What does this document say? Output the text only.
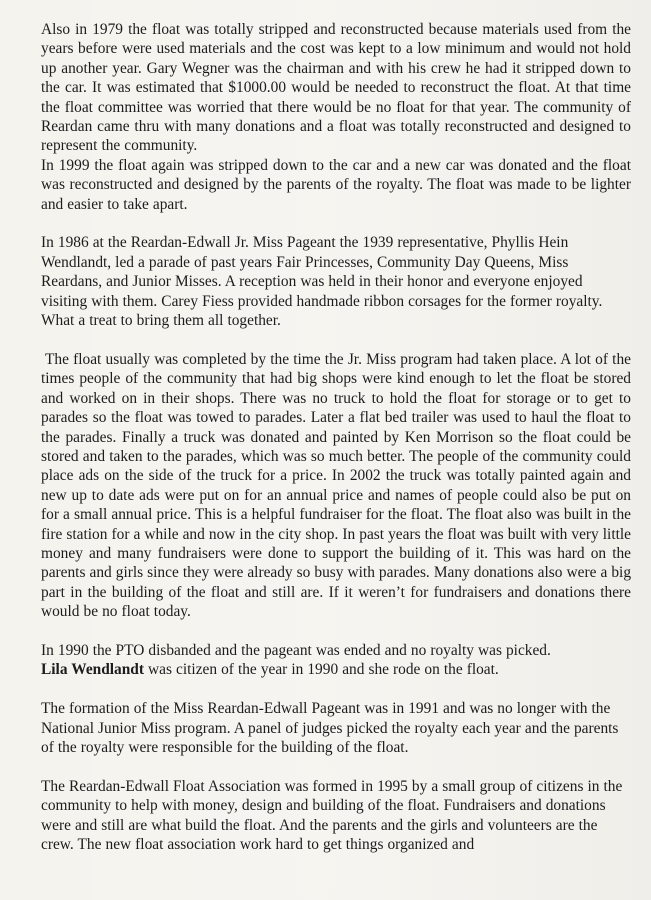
Also in 1979 the float was totally stripped and reconstructed because materials used from the years before were used materials and the cost was kept to a low minimum and would not hold up another year. Gary Wegner was the chairman and with his crew he had it stripped down to the car. It was estimated that $1000.00 would be needed to reconstruct the float. At that time the float committee was worried that there would be no float for that year. The community of Reardan came thru with many donations and a float was totally reconstructed and designed to represent the community.

In 1999 the float again was stripped down to the car and a new car was donated and the float was reconstructed and designed by the parents of the royalty. The float was made to be lighter and easier to take apart.

In 1986 at the Reardan-Edwall Jr. Miss Pageant the 1939 representative, Phyllis Hein Wendlandt, led a parade of past years Fair Princesses, Community Day Queens, Miss Reardans, and Junior Misses. A reception was held in their honor and everyone enjoyed visiting with them. Carey Fiess provided handmade ribbon corsages for the former royalty. What a treat to bring them all together.

The float usually was completed by the time the Jr. Miss program had taken place. A lot of the times people of the community that had big shops were kind enough to let the float be stored and worked on in their shops. There was no truck to hold the float for storage or to get to parades so the float was towed to parades. Later a flat bed trailer was used to haul the float to the parades. Finally a truck was donated and painted by Ken Morrison so the float could be stored and taken to the parades, which was so much better. The people of the community could place ads on the side of the truck for a price. In 2002 the truck was totally painted again and new up to date ads were put on for an annual price and names of people could also be put on for a small annual price. This is a helpful fundraiser for the float. The float also was built in the fire station for a while and now in the city shop. In past years the float was built with very little money and many fundraisers were done to support the building of it. This was hard on the parents and girls since they were already so busy with parades. Many donations also were a big part in the building of the float and still are. If it weren’t for fundraisers and donations there would be no float today.

In 1990 the PTO disbanded and the pageant was ended and no royalty was picked.
Lila Wendlandt was citizen of the year in 1990 and she rode on the float.

The formation of the Miss Reardan-Edwall Pageant was in 1991 and was no longer with the National Junior Miss program. A panel of judges picked the royalty each year and the parents of the royalty were responsible for the building of the float.

The Reardan-Edwall Float Association was formed in 1995 by a small group of citizens in the community to help with money, design and building of the float. Fundraisers and donations were and still are what build the float. And the parents and the girls and volunteers are the crew. The new float association work hard to get things organized and
